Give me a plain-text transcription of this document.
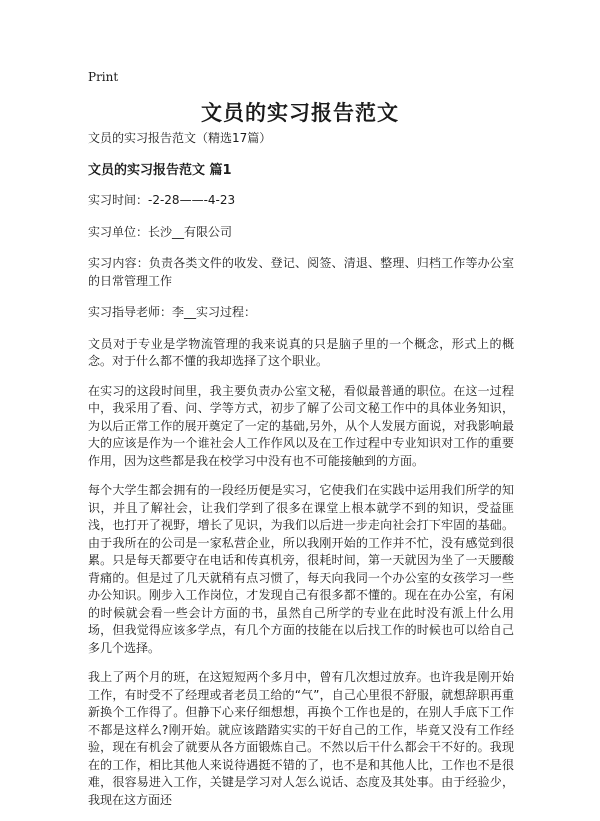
Print
文员的实习报告范文

文员的实习报告范文（精选17篇）

文员的实习报告范文 篇1

实习时间：-2-28——-4-23

实习单位：长沙__有限公司

实习内容：负责各类文件的收发、登记、阅签、清退、整理、归档工作等办公室的日常管理工作

实习指导老师：李__实习过程：

文员对于专业是学物流管理的我来说真的只是脑子里的一个概念，形式上的概念。对于什么都不懂的我却选择了这个职业。

在实习的这段时间里，我主要负责办公室文秘，看似最普通的职位。在这一过程中，我采用了看、问、学等方式，初步了解了公司文秘工作中的具体业务知识，为以后正常工作的展开奠定了一定的基础,另外，从个人发展方面说，对我影响最大的应该是作为一个谁社会人工作作风以及在工作过程中专业知识对工作的重要作用，因为这些都是我在校学习中没有也不可能接触到的方面。

每个大学生都会拥有的一段经历便是实习，它使我们在实践中运用我们所学的知识，并且了解社会，让我们学到了很多在课堂上根本就学不到的知识，受益匪浅，也打开了视野，增长了见识，为我们以后进一步走向社会打下牢固的基础。由于我所在的公司是一家私营企业，所以我刚开始的工作并不忙，没有感觉到很累。只是每天都要守在电话和传真机旁，很耗时间，第一天就因为坐了一天腰酸背痛的。但是过了几天就稍有点习惯了，每天向我同一个办公室的女孩学习一些办公知识。刚步入工作岗位，才发现自己有很多都不懂的。现在在办公室，有闲的时候就会看一些会计方面的书，虽然自己所学的专业在此时没有派上什么用场，但我觉得应该多学点，有几个方面的技能在以后找工作的时候也可以给自己多几个选择。

我上了两个月的班，在这短短两个多月中，曾有几次想过放弃。也许我是刚开始工作，有时受不了经理或者老员工给的“气”，自己心里很不舒服，就想辞职再重新换个工作得了。但静下心来仔细想想，再换个工作也是的，在别人手底下工作不都是这样么?刚开始。就应该踏踏实实的干好自己的工作，毕竟又没有工作经验，现在有机会了就要从各方面锻炼自己。不然以后干什么都会干不好的。我现在的工作，相比其他人来说待遇挺不错的了，也不是和其他人比，工作也不是很难，很容易进入工作，关键是学习对人怎么说话、态度及其处事。由于经验少，我现在这方面还
